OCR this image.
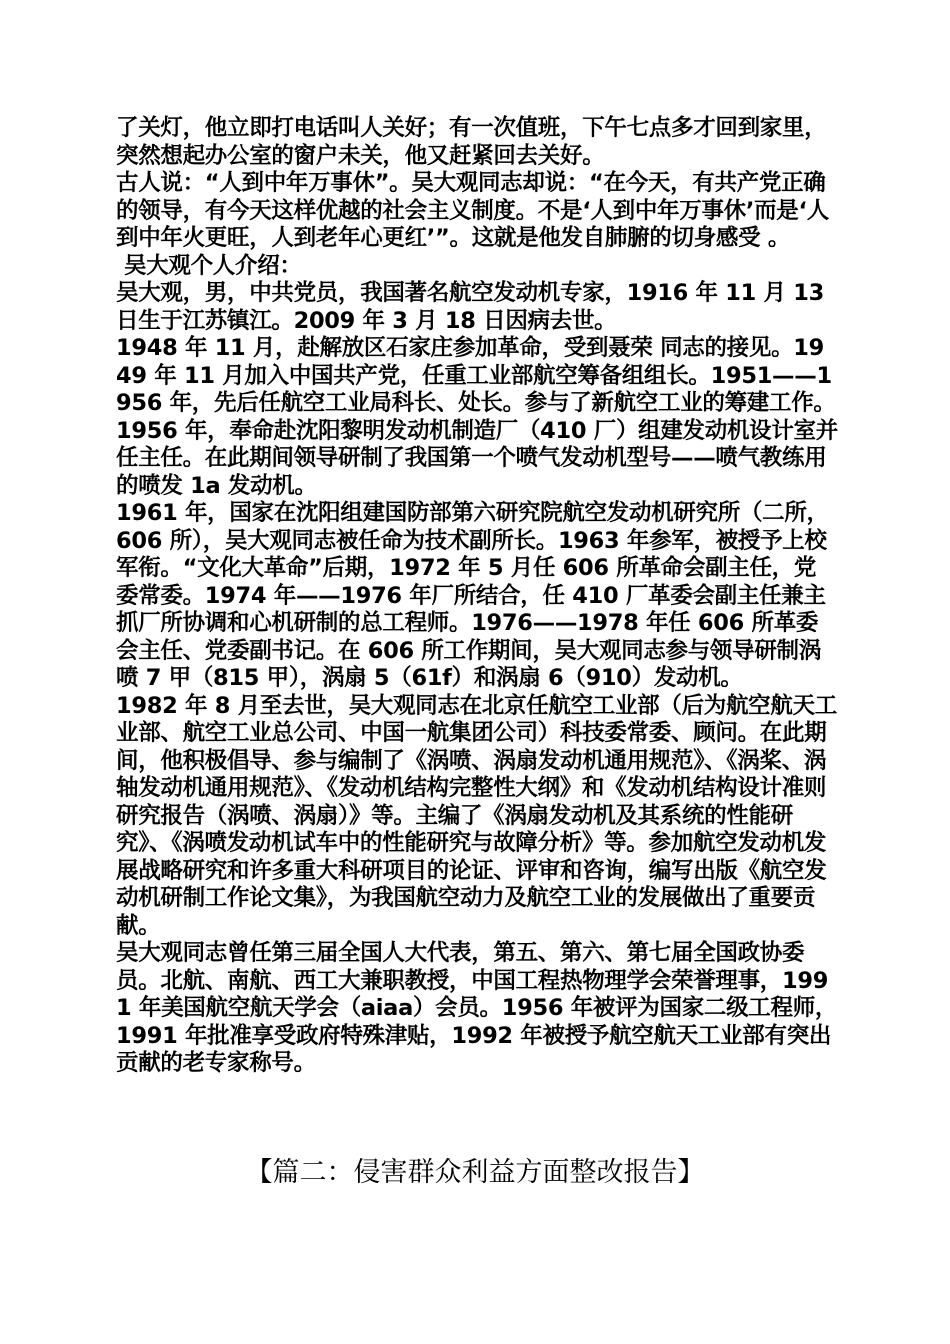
了关灯，他立即打电话叫人关好；有一次值班，下午七点多才回到家里，突然想起办公室的窗户未关，他又赶紧回去关好。

古人说：“人到中年万事休”。吴大观同志却说：“在今天，有共产党正确的领导，有今天这样优越的社会主义制度。不是‘人到中年万事休’而是‘人到中年火更旺，人到老年心更红’”。这就是他发自肺腑的切身感受 。

吴大观个人介绍：

吴大观，男，中共党员，我国著名航空发动机专家，1916 年 11 月 13 日生于江苏镇江。2009 年 3 月 18 日因病去世。

1948 年 11 月，赴解放区石家庄参加革命，受到聂荣 同志的接见。1949 年 11 月加入中国共产党，任重工业部航空筹备组组长。1951——1956 年，先后任航空工业局科长、处长。参与了新航空工业的筹建工作。

1956 年，奉命赴沈阳黎明发动机制造厂（410 厂）组建发动机设计室并任主任。在此期间领导研制了我国第一个喷气发动机型号——喷气教练用的喷发 1a 发动机。

1961 年，国家在沈阳组建国防部第六研究院航空发动机研究所（二所，606 所），吴大观同志被任命为技术副所长。1963 年参军，被授予上校军衔。“文化大革命”后期，1972 年 5 月任 606 所革命会副主任，党委常委。1974 年——1976 年厂所结合，任 410 厂革委会副主任兼主抓厂所协调和心机研制的总工程师。1976——1978 年任 606 所革委会主任、党委副书记。在 606 所工作期间，吴大观同志参与领导研制涡喷 7 甲（815 甲），涡扇 5（61f）和涡扇 6（910）发动机。

1982 年 8 月至去世，吴大观同志在北京任航空工业部（后为航空航天工业部、航空工业总公司、中国一航集团公司）科技委常委、顾问。在此期间，他积极倡导、参与编制了《涡喷、涡扇发动机通用规范》、《涡桨、涡轴发动机通用规范》、《发动机结构完整性大纲》和《发动机结构设计准则研究报告（涡喷、涡扇）》等。主编了《涡扇发动机及其系统的性能研究》、《涡喷发动机试车中的性能研究与故障分析》等。参加航空发动机发展战略研究和许多重大科研项目的论证、评审和咨询，编写出版《航空发动机研制工作论文集》，为我国航空动力及航空工业的发展做出了重要贡献。

吴大观同志曾任第三届全国人大代表，第五、第六、第七届全国政协委员。北航、南航、西工大兼职教授，中国工程热物理学会荣誉理事，1991 年美国航空航天学会（aiaa）会员。1956 年被评为国家二级工程师，1991 年批准享受政府特殊津贴，1992 年被授予航空航天工业部有突出贡献的老专家称号。

【篇二：侵害群众利益方面整改报告】
